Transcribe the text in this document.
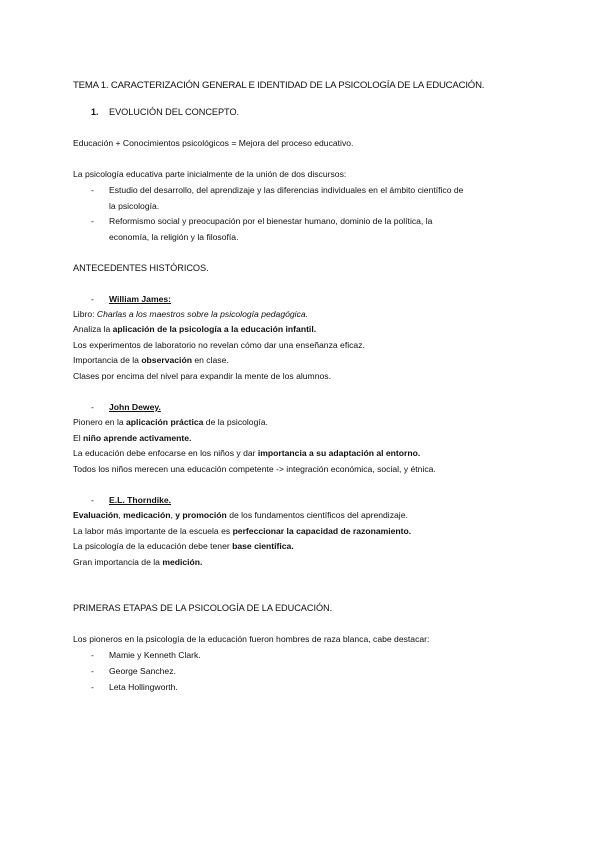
TEMA 1. CARACTERIZACIÓN GENERAL E IDENTIDAD DE LA PSICOLOGÍA DE LA EDUCACIÓN.
1. EVOLUCIÓN DEL CONCEPTO.
Educación + Conocimientos psicológicos = Mejora del proceso educativo.
La psicología educativa parte inicialmente de la unión de dos discursos:
- Estudio del desarrollo, del aprendizaje y las diferencias individuales en el ámbito científico de
la psicología.
- Reformismo social y preocupación por el bienestar humano, dominio de la política, la
economía, la religión y la filosofía.
ANTECEDENTES HISTÓRICOS.
- William James:
Libro: Charlas a los maestros sobre la psicología pedagógica.
Analiza la aplicación de la psicología a la educación infantil.
Los experimentos de laboratorio no revelan cómo dar una enseñanza eficaz.
Importancia de la observación en clase.
Clases por encima del nivel para expandir la mente de los alumnos.
- John Dewey.
Pionero en la aplicación práctica de la psicología.
El niño aprende activamente.
La educación debe enfocarse en los niños y dar importancia a su adaptación al entorno.
Todos los niños merecen una educación competente -> integración económica, social, y étnica.
- E.L. Thorndike.
Evaluación, medicación, y promoción de los fundamentos científicos del aprendizaje.
La labor más importante de la escuela es perfeccionar la capacidad de razonamiento.
La psicología de la educación debe tener base científica.
Gran importancia de la medición.
PRIMERAS ETAPAS DE LA PSICOLOGÍA DE LA EDUCACIÓN.
Los pioneros en la psicología de la educación fueron hombres de raza blanca, cabe destacar:
- Mamie y Kenneth Clark.
- George Sanchez.
- Leta Hollingworth.
